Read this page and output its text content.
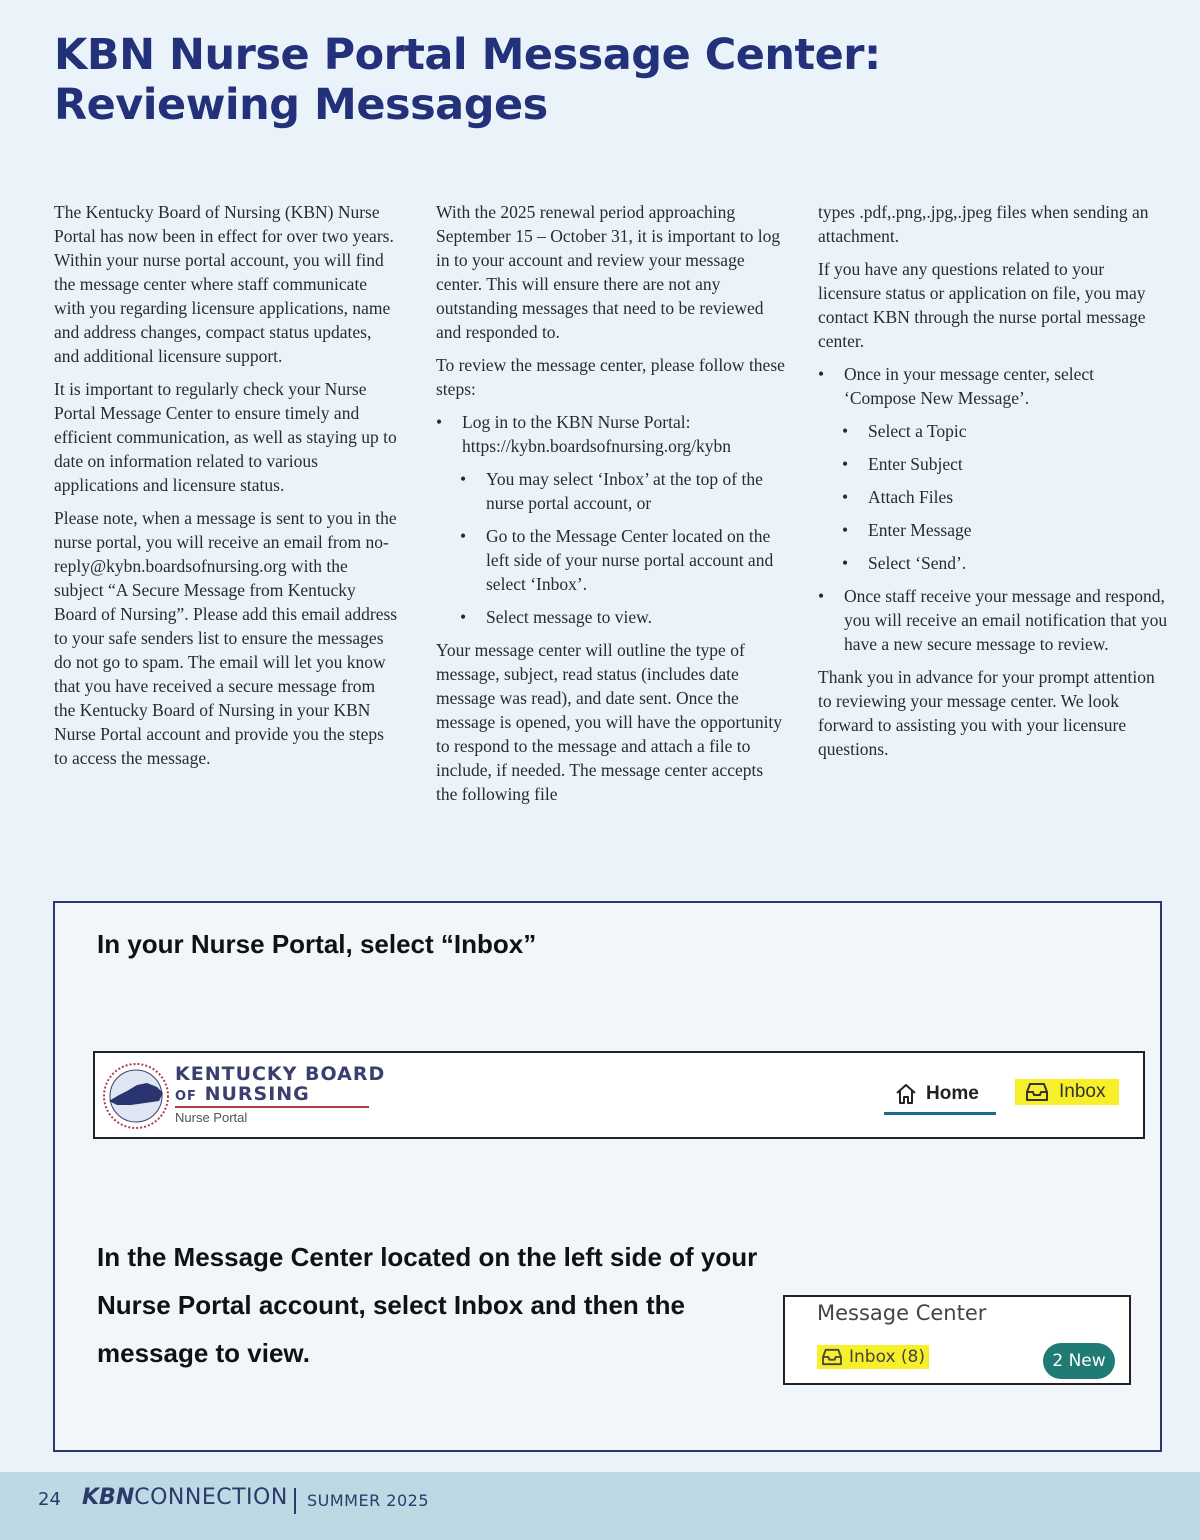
KBN Nurse Portal Message Center:
Reviewing Messages

The Kentucky Board of Nursing (KBN) Nurse Portal has now been in effect for over two years. Within your nurse portal account, you will find the message center where staff communicate with you regarding licensure applications, name and address changes, compact status updates, and additional licensure support.

It is important to regularly check your Nurse Portal Message Center to ensure timely and efficient communication, as well as staying up to date on information related to various applications and licensure status.

Please note, when a message is sent to you in the nurse portal, you will receive an email from no-reply@kybn.boardsofnursing.org with the subject “A Secure Message from Kentucky Board of Nursing”. Please add this email address to your safe senders list to ensure the messages do not go to spam. The email will let you know that you have received a secure message from the Kentucky Board of Nursing in your KBN Nurse Portal account and provide you the steps to access the message.

With the 2025 renewal period approaching September 15 – October 31, it is important to log in to your account and review your message center. This will ensure there are not any outstanding messages that need to be reviewed and responded to.

To review the message center, please follow these steps:

• Log in to the KBN Nurse Portal: https://kybn.boardsofnursing.org/kybn
• You may select ‘Inbox’ at the top of the nurse portal account, or
• Go to the Message Center located on the left side of your nurse portal account and select ‘Inbox’.
• Select message to view.

Your message center will outline the type of message, subject, read status (includes date message was read), and date sent. Once the message is opened, you will have the opportunity to respond to the message and attach a file to include, if needed. The message center accepts the following file

types .pdf,.png,.jpg,.jpeg files when sending an attachment.

If you have any questions related to your licensure status or application on file, you may contact KBN through the nurse portal message center.

• Once in your message center, select ‘Compose New Message’.
• Select a Topic
• Enter Subject
• Attach Files
• Enter Message
• Select ‘Send’.
• Once staff receive your message and respond, you will receive an email notification that you have a new secure message to review.

Thank you in advance for your prompt attention to reviewing your message center. We look forward to assisting you with your licensure questions.

In your Nurse Portal, select “Inbox”
KENTUCKY BOARD
OF NURSING
Nurse Portal
Home	Inbox
In the Message Center located on the left side of your Nurse Portal account, select Inbox and then the message to view.
Message Center
Inbox (8)	2 New
24 KBNCONNECTION SUMMER 2025
